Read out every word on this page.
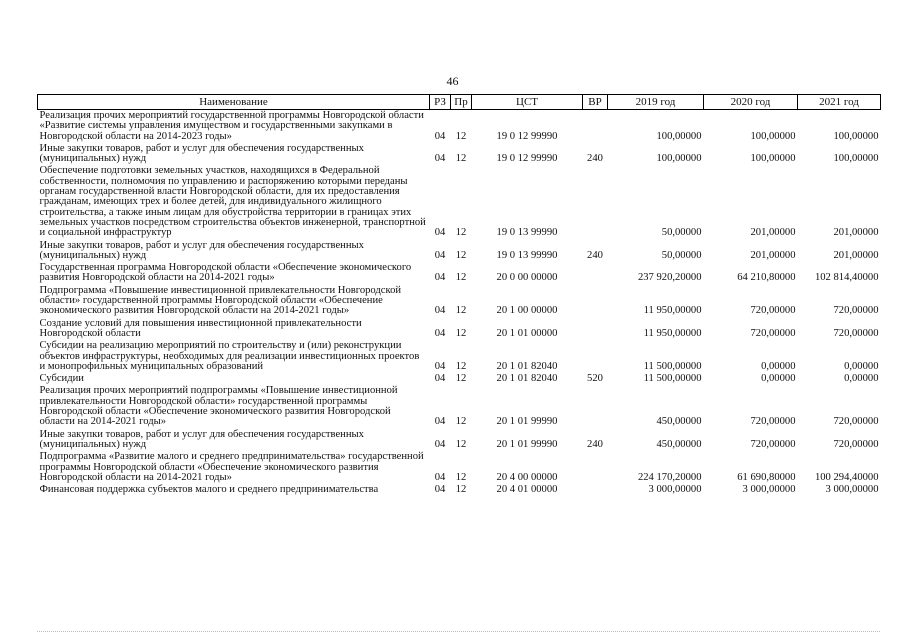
46
Наименование	РЗ	Пр	ЦСТ	ВР	2019 год	2020 год	2021 год
Реализация прочих мероприятий государственной программы Новгородской области «Развитие системы управления имуществом и государственными закупками в Новгородской области на 2014-2023 годы»	04	12	19 0 12 99990		100,00000	100,00000	100,00000
Иные закупки товаров, работ и услуг для обеспечения государственных (муниципальных) нужд	04	12	19 0 12 99990	240	100,00000	100,00000	100,00000
Обеспечение подготовки земельных участков, находящихся в Федеральной собственности, полномочия по управлению и распоряжению которыми переданы органам государственной власти Новгородской области, для их предоставления гражданам, имеющих трех и более детей, для индивидуального жилищного строительства, а также иным лицам для обустройства территории в границах этих земельных участков посредством строительства объектов инженерной, транспортной и социальной инфраструктур	04	12	19 0 13 99990		50,00000	201,00000	201,00000
Иные закупки товаров, работ и услуг для обеспечения государственных (муниципальных) нужд	04	12	19 0 13 99990	240	50,00000	201,00000	201,00000
Государственная программа Новгородской области «Обеспечение экономического развития Новгородской области на 2014-2021 годы»	04	12	20 0 00 00000		237 920,20000	64 210,80000	102 814,40000
Подпрограмма «Повышение инвестиционной привлекательности Новгородской области» государственной программы Новгородской области «Обеспечение экономического развития Новгородской области на 2014-2021 годы»	04	12	20 1 00 00000		11 950,00000	720,00000	720,00000
Создание условий для повышения инвестиционной привлекательности Новгородской области	04	12	20 1 01 00000		11 950,00000	720,00000	720,00000
Субсидии на реализацию мероприятий по строительству и (или) реконструкции объектов инфраструктуры, необходимых для реализации инвестиционных проектов и монопрофильных муниципальных образований	04	12	20 1 01 82040		11 500,00000	0,00000	0,00000
Субсидии	04	12	20 1 01 82040	520	11 500,00000	0,00000	0,00000
Реализация прочих мероприятий подпрограммы «Повышение инвестиционной привлекательности Новгородской области» государственной программы Новгородской области «Обеспечение экономического развития Новгородской области на 2014-2021 годы»	04	12	20 1 01 99990		450,00000	720,00000	720,00000
Иные закупки товаров, работ и услуг для обеспечения государственных (муниципальных) нужд	04	12	20 1 01 99990	240	450,00000	720,00000	720,00000
Подпрограмма «Развитие малого и среднего предпринимательства» государственной программы Новгородской области «Обеспечение экономического развития Новгородской области на 2014-2021 годы»	04	12	20 4 00 00000		224 170,20000	61 690,80000	100 294,40000
Финансовая поддержка субъектов малого и среднего предпринимательства	04	12	20 4 01 00000		3 000,00000	3 000,00000	3 000,00000
